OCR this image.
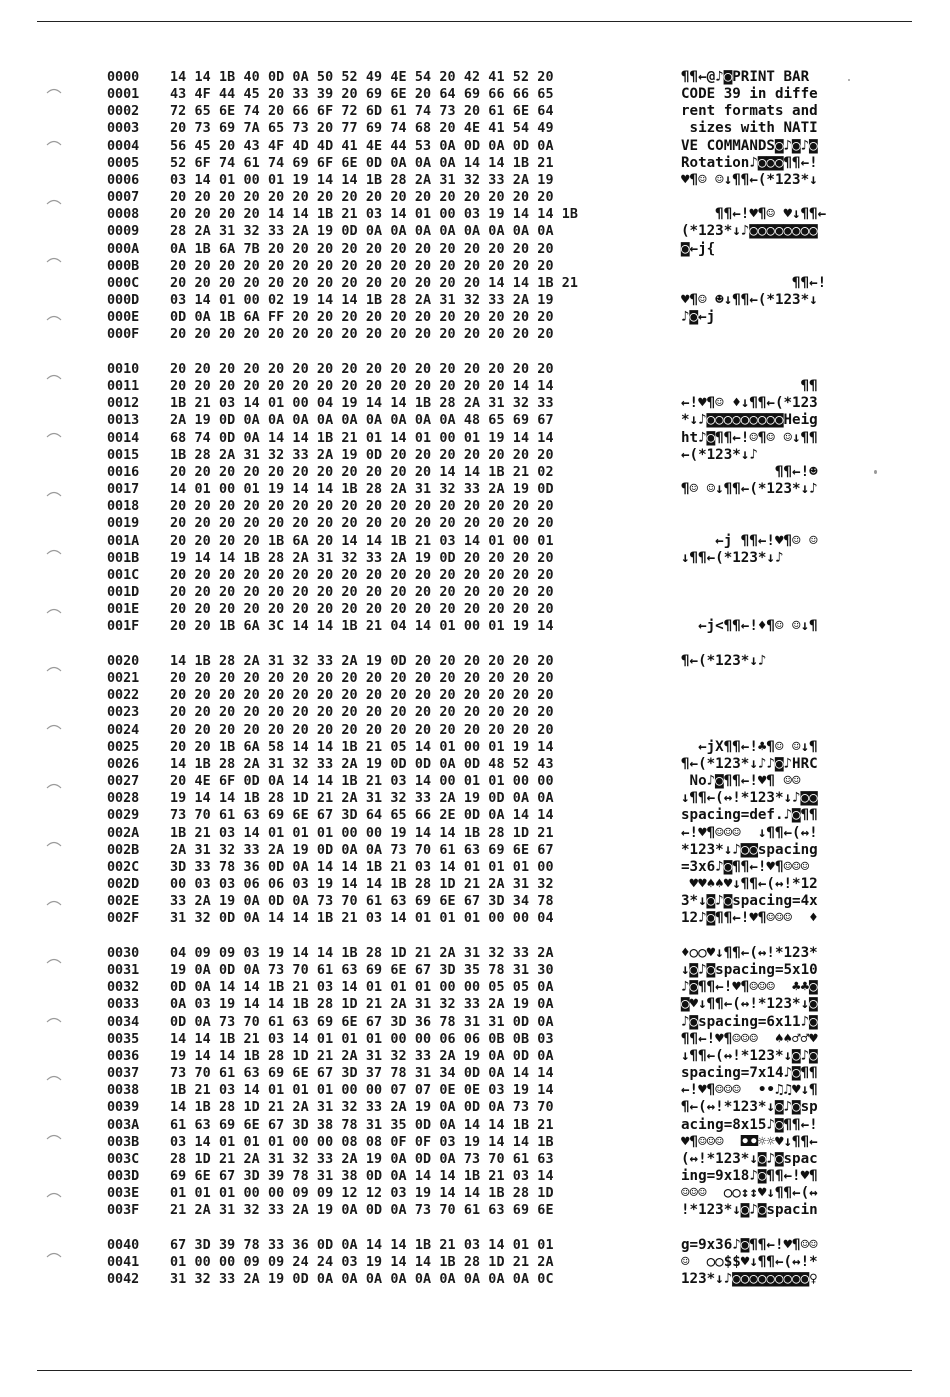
0000 14 14 1B 40 0D 0A 50 52 49 4E 54 20 42 41 52 20	¶¶←@♪◙PRINT BAR
0001 43 4F 44 45 20 33 39 20 69 6E 20 64 69 66 66 65	CODE 39 in diffe
0002 72 65 6E 74 20 66 6F 72 6D 61 74 73 20 61 6E 64	rent formats and
0003 20 73 69 7A 65 73 20 77 69 74 68 20 4E 41 54 49	sizes with NATI
0004 56 45 20 43 4F 4D 4D 41 4E 44 53 0A 0D 0A 0D 0A	VE COMMANDS◙♪◙♪◙
0005 52 6F 74 61 74 69 6F 6E 0D 0A 0A 0A 14 14 1B 21	Rotation♪◙◙◙¶¶←!
0006 03 14 01 00 01 19 14 14 1B 28 2A 31 32 33 2A 19	♥¶☺ ☺↓¶¶←(*123*↓
0007 20 20 20 20 20 20 20 20 20 20 20 20 20 20 20 20
0008 20 20 20 20 14 14 1B 21 03 14 01 00 03 19 14 14 1B	¶¶←!♥¶☺ ♥↓¶¶←
0009 28 2A 31 32 33 2A 19 0D 0A 0A 0A 0A 0A 0A 0A 0A	(*123*↓♪◙◙◙◙◙◙◙◙
000A 0A 1B 6A 7B 20 20 20 20 20 20 20 20 20 20 20 20	◙←j{
000B 20 20 20 20 20 20 20 20 20 20 20 20 20 20 20 20
000C 20 20 20 20 20 20 20 20 20 20 20 20 20 14 14 1B 21	¶¶←!
000D 03 14 01 00 02 19 14 14 1B 28 2A 31 32 33 2A 19	♥¶☺ ☻↓¶¶←(*123*↓
000E 0D 0A 1B 6A FF 20 20 20 20 20 20 20 20 20 20 20	♪◙←j
000F 20 20 20 20 20 20 20 20 20 20 20 20 20 20 20 20
0010 20 20 20 20 20 20 20 20 20 20 20 20 20 20 20 20
0011 20 20 20 20 20 20 20 20 20 20 20 20 20 20 14 14	¶¶
0012 1B 21 03 14 01 00 04 19 14 14 1B 28 2A 31 32 33	←!♥¶☺ ♦↓¶¶←(*123
0013 2A 19 0D 0A 0A 0A 0A 0A 0A 0A 0A 0A 48 65 69 67	*↓♪◙◙◙◙◙◙◙◙◙Heig
0014 68 74 0D 0A 14 14 1B 21 01 14 01 00 01 19 14 14	ht♪◙¶¶←!☺¶☺ ☺↓¶¶
0015 1B 28 2A 31 32 33 2A 19 0D 20 20 20 20 20 20 20	←(*123*↓♪
0016 20 20 20 20 20 20 20 20 20 20 20 14 14 1B 21 02	¶¶←!☻
0017 14 01 00 01 19 14 14 1B 28 2A 31 32 33 2A 19 0D	¶☺ ☺↓¶¶←(*123*↓♪
0018 20 20 20 20 20 20 20 20 20 20 20 20 20 20 20 20
0019 20 20 20 20 20 20 20 20 20 20 20 20 20 20 20 20
001A 20 20 20 20 1B 6A 20 14 14 1B 21 03 14 01 00 01	←j ¶¶←!♥¶☺ ☺
001B 19 14 14 1B 28 2A 31 32 33 2A 19 0D 20 20 20 20	↓¶¶←(*123*↓♪
001C 20 20 20 20 20 20 20 20 20 20 20 20 20 20 20 20
001D 20 20 20 20 20 20 20 20 20 20 20 20 20 20 20 20
001E 20 20 20 20 20 20 20 20 20 20 20 20 20 20 20 20
001F 20 20 1B 6A 3C 14 14 1B 21 04 14 01 00 01 19 14	←j<¶¶←!♦¶☺ ☺↓¶
0020 14 1B 28 2A 31 32 33 2A 19 0D 20 20 20 20 20 20	¶←(*123*↓♪
0021 20 20 20 20 20 20 20 20 20 20 20 20 20 20 20 20
0022 20 20 20 20 20 20 20 20 20 20 20 20 20 20 20 20
0023 20 20 20 20 20 20 20 20 20 20 20 20 20 20 20 20
0024 20 20 20 20 20 20 20 20 20 20 20 20 20 20 20 20
0025 20 20 1B 6A 58 14 14 1B 21 05 14 01 00 01 19 14	←jX¶¶←!♣¶☺ ☺↓¶
0026 14 1B 28 2A 31 32 33 2A 19 0D 0D 0A 0D 48 52 43	¶←(*123*↓♪♪◙♪HRC
0027 20 4E 6F 0D 0A 14 14 1B 21 03 14 00 01 01 00 00	No♪◙¶¶←!♥¶ ☺☺
0028 19 14 14 1B 28 1D 21 2A 31 32 33 2A 19 0D 0A 0A	↓¶¶←(↔!*123*↓♪◙◙
0029 73 70 61 63 69 6E 67 3D 64 65 66 2E 0D 0A 14 14	spacing=def.♪◙¶¶
002A 1B 21 03 14 01 01 01 00 00 19 14 14 1B 28 1D 21	←!♥¶☺☺☺  ↓¶¶←(↔!
002B 2A 31 32 33 2A 19 0D 0A 0A 73 70 61 63 69 6E 67	*123*↓♪◙◙spacing
002C 3D 33 78 36 0D 0A 14 14 1B 21 03 14 01 01 01 00	=3x6♪◙¶¶←!♥¶☺☺☺
002D 00 03 03 06 06 03 19 14 14 1B 28 1D 21 2A 31 32	♥♥♠♠♥↓¶¶←(↔!*12
002E 33 2A 19 0A 0D 0A 73 70 61 63 69 6E 67 3D 34 78	3*↓◙♪◙spacing=4x
002F 31 32 0D 0A 14 14 1B 21 03 14 01 01 01 00 00 04	12♪◙¶¶←!♥¶☺☺☺  ♦
0030 04 09 09 03 19 14 14 1B 28 1D 21 2A 31 32 33 2A	♦○○♥↓¶¶←(↔!*123*
0031 19 0A 0D 0A 73 70 61 63 69 6E 67 3D 35 78 31 30	↓◙♪◙spacing=5x10
0032 0D 0A 14 14 1B 21 03 14 01 01 01 00 00 05 05 0A	♪◙¶¶←!♥¶☺☺☺  ♣♣◙
0033 0A 03 19 14 14 1B 28 1D 21 2A 31 32 33 2A 19 0A	◙♥↓¶¶←(↔!*123*↓◙
0034 0D 0A 73 70 61 63 69 6E 67 3D 36 78 31 31 0D 0A	♪◙spacing=6x11♪◙
0035 14 14 1B 21 03 14 01 01 01 00 00 06 06 0B 0B 03	¶¶←!♥¶☺☺☺  ♠♠♂♂♥
0036 19 14 14 1B 28 1D 21 2A 31 32 33 2A 19 0A 0D 0A	↓¶¶←(↔!*123*↓◙♪◙
0037 73 70 61 63 69 6E 67 3D 37 78 31 34 0D 0A 14 14	spacing=7x14♪◙¶¶
0038 1B 21 03 14 01 01 01 00 00 07 07 0E 0E 03 19 14	←!♥¶☺☺☺  ••♫♫♥↓¶
0039 14 1B 28 1D 21 2A 31 32 33 2A 19 0A 0D 0A 73 70	¶←(↔!*123*↓◙♪◙sp
003A 61 63 69 6E 67 3D 38 78 31 35 0D 0A 14 14 1B 21	acing=8x15♪◙¶¶←!
003B 03 14 01 01 01 00 00 08 08 0F 0F 03 19 14 14 1B	♥¶☺☺☺  ◘◘☼☼♥↓¶¶←
003C 28 1D 21 2A 31 32 33 2A 19 0A 0D 0A 73 70 61 63	(↔!*123*↓◙♪◙spac
003D 69 6E 67 3D 39 78 31 38 0D 0A 14 14 1B 21 03 14	ing=9x18♪◙¶¶←!♥¶
003E 01 01 01 00 00 09 09 12 12 03 19 14 14 1B 28 1D	☺☺☺  ○○↕↕♥↓¶¶←(↔
003F 21 2A 31 32 33 2A 19 0A 0D 0A 73 70 61 63 69 6E	!*123*↓◙♪◙spacin
0040 67 3D 39 78 33 36 0D 0A 14 14 1B 21 03 14 01 01	g=9x36♪◙¶¶←!♥¶☺☺
0041 01 00 00 09 09 24 24 03 19 14 14 1B 28 1D 21 2A	☺  ○○$$♥↓¶¶←(↔!*
0042 31 32 33 2A 19 0D 0A 0A 0A 0A 0A 0A 0A 0A 0A 0C	123*↓♪◙◙◙◙◙◙◙◙◙♀
